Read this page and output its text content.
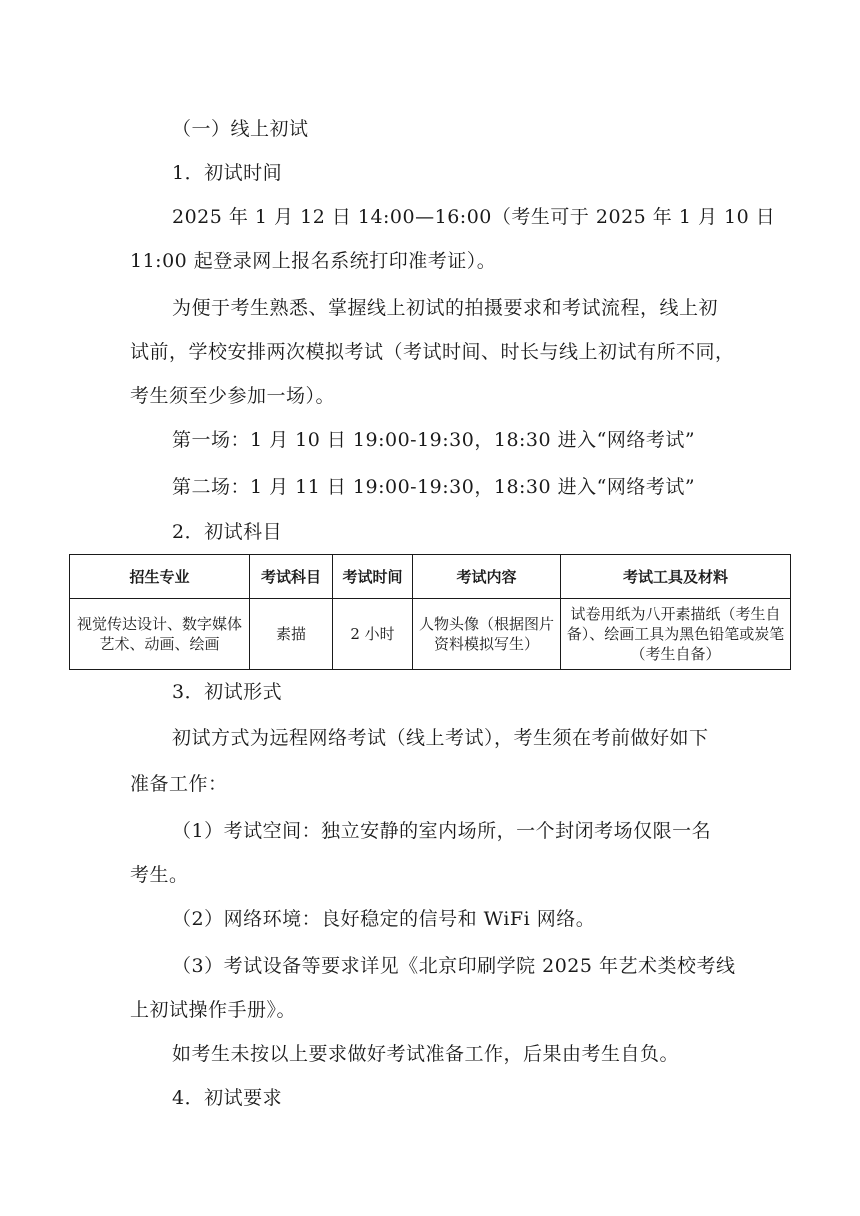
（一）线上初试
1．初试时间
2025 年 1 月 12 日 14:00—16:00（考生可于 2025 年 1 月 10 日
11:00 起登录网上报名系统打印准考证）。
为便于考生熟悉、掌握线上初试的拍摄要求和考试流程，线上初
试前，学校安排两次模拟考试（考试时间、时长与线上初试有所不同，
考生须至少参加一场）。
第一场：1 月 10 日 19:00-19:30，18:30 进入“网络考试”
第二场：1 月 11 日 19:00-19:30，18:30 进入“网络考试”
2．初试科目
招生专业	考试科目	考试时间	考试内容	考试工具及材料
视觉传达设计、数字媒体艺术、动画、绘画	素描	2 小时	人物头像（根据图片资料模拟写生）	试卷用纸为八开素描纸（考生自备）、绘画工具为黑色铅笔或炭笔（考生自备）
3．初试形式
初试方式为远程网络考试（线上考试），考生须在考前做好如下
准备工作：
（1）考试空间：独立安静的室内场所，一个封闭考场仅限一名
考生。
（2）网络环境：良好稳定的信号和 WiFi 网络。
（3）考试设备等要求详见《北京印刷学院 2025 年艺术类校考线
上初试操作手册》。
如考生未按以上要求做好考试准备工作，后果由考生自负。
4．初试要求
